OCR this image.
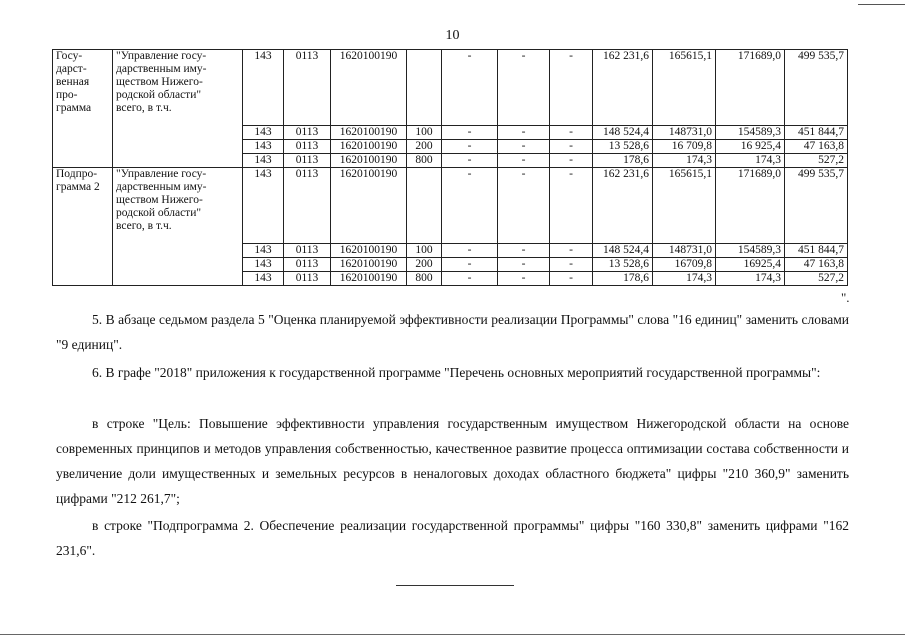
10
Госу-
дарст-
венная
про-
грамма	"Управление госу-
дарственным иму-
ществом Нижего-
родской области"
всего, в т.ч.	143	0113	1620100190		-	-	-	162 231,6	165615,1	171689,0	499 535,7
		143	0113	1620100190	100	-	-	-	148 524,4	148731,0	154589,3	451 844,7
		143	0113	1620100190	200	-	-	-	13 528,6	16 709,8	16 925,4	47 163,8
		143	0113	1620100190	800	-	-	-	178,6	174,3	174,3	527,2
Подпро-
грамма 2	"Управление госу-
дарственным иму-
ществом Нижего-
родской области"
всего, в т.ч.	143	0113	1620100190		-	-	-	162 231,6	165615,1	171689,0	499 535,7
		143	0113	1620100190	100	-	-	-	148 524,4	148731,0	154589,3	451 844,7
		143	0113	1620100190	200	-	-	-	13 528,6	16709,8	16925,4	47 163,8
		143	0113	1620100190	800	-	-	-	178,6	174,3	174,3	527,2
".

5. В абзаце седьмом раздела 5 "Оценка планируемой эффективности реализации Программы" слова "16 единиц" заменить словами "9 единиц".

6. В графе "2018" приложения к государственной программе "Перечень основных мероприятий государственной программы":

в строке "Цель: Повышение эффективности управления государственным имуществом Нижегородской области на основе современных принципов и методов управления собственностью, качественное развитие процесса оптимизации состава собственности и увеличение доли имущественных и земельных ресурсов в неналоговых доходах областного бюджета" цифры "210 360,9" заменить цифрами "212 261,7";

в строке "Подпрограмма 2. Обеспечение реализации государственной программы" цифры "160 330,8" заменить цифрами "162 231,6".
